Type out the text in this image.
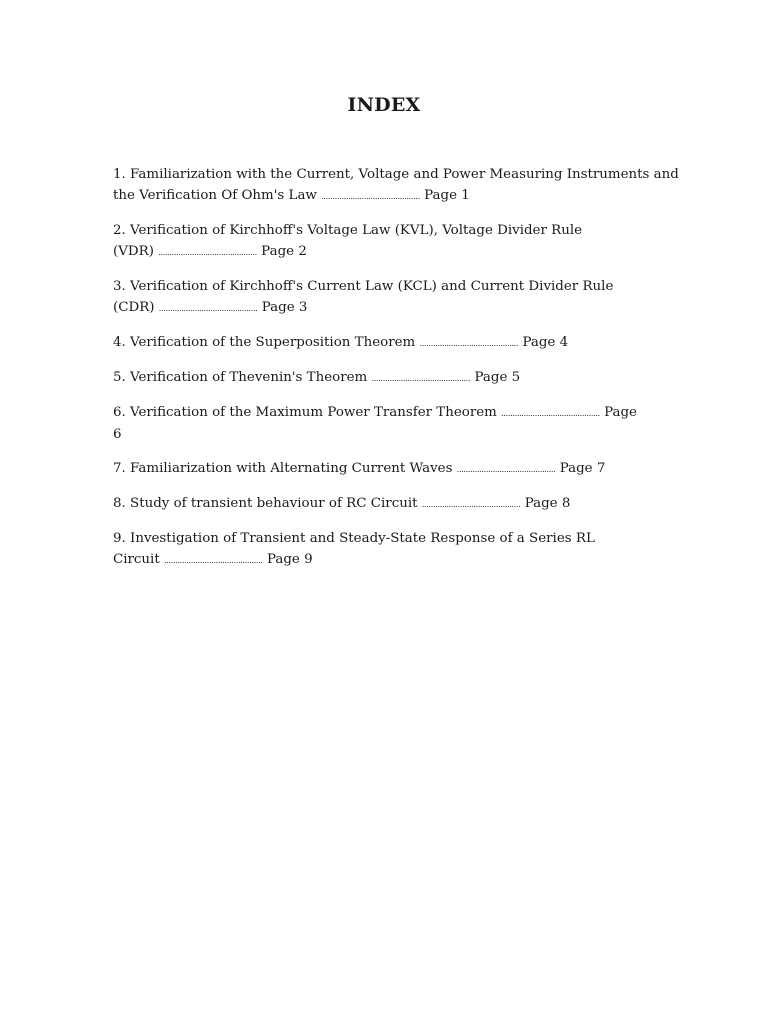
INDEX
1. Familiarization with the Current, Voltage and Power Measuring Instruments and
the Verification Of Ohm's Law ............................................ Page 1
2. Verification of Kirchhoff's Voltage Law (KVL), Voltage Divider Rule
(VDR) ............................................ Page 2
3. Verification of Kirchhoff's Current Law (KCL) and Current Divider Rule
(CDR) ............................................ Page 3
4. Verification of the Superposition Theorem ............................................ Page 4
5. Verification of Thevenin's Theorem ............................................ Page 5
6. Verification of the Maximum Power Transfer Theorem ............................................ Page
6
7. Familiarization with Alternating Current Waves ............................................ Page 7
8. Study of transient behaviour of RC Circuit ............................................ Page 8
9. Investigation of Transient and Steady-State Response of a Series RL
Circuit ............................................ Page 9
